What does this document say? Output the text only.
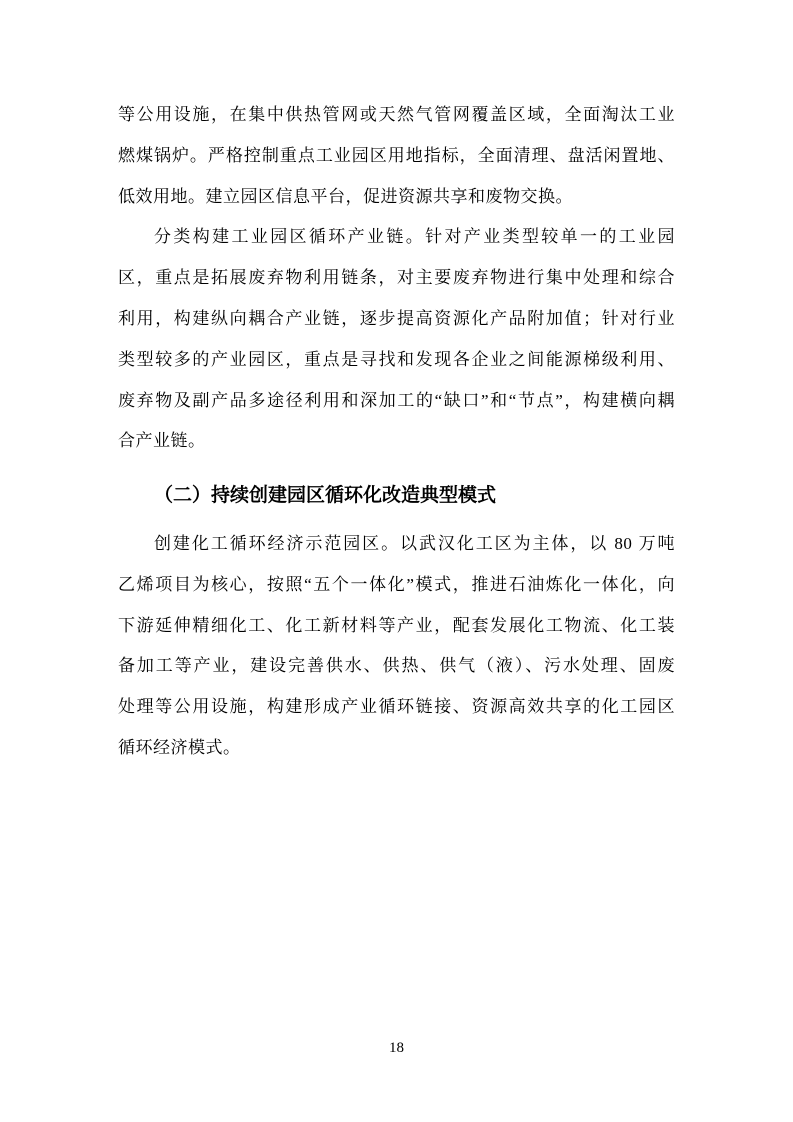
等公用设施，在集中供热管网或天然气管网覆盖区域，全面淘汰工业
燃煤锅炉。严格控制重点工业园区用地指标，全面清理、盘活闲置地、
低效用地。建立园区信息平台，促进资源共享和废物交换。
分类构建工业园区循环产业链。针对产业类型较单一的工业园
区，重点是拓展废弃物利用链条，对主要废弃物进行集中处理和综合
利用，构建纵向耦合产业链，逐步提高资源化产品附加值；针对行业
类型较多的产业园区，重点是寻找和发现各企业之间能源梯级利用、
废弃物及副产品多途径利用和深加工的“缺口”和“节点”，构建横向耦
合产业链。
（二）持续创建园区循环化改造典型模式
创建化工循环经济示范园区。以武汉化工区为主体，以 80 万吨
乙烯项目为核心，按照“五个一体化”模式，推进石油炼化一体化，向
下游延伸精细化工、化工新材料等产业，配套发展化工物流、化工装
备加工等产业，建设完善供水、供热、供气（液）、污水处理、固废
处理等公用设施，构建形成产业循环链接、资源高效共享的化工园区
循环经济模式。
18
